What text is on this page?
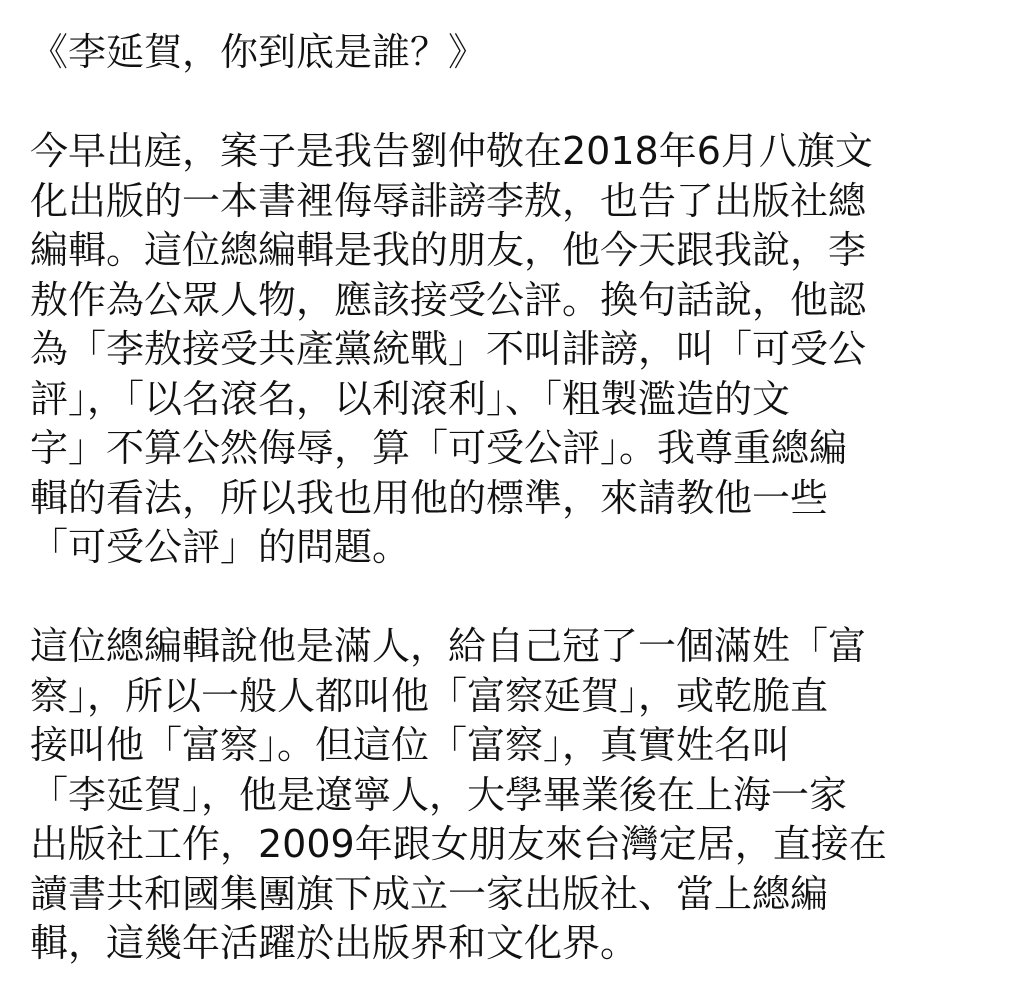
《李延賀，你到底是誰？》

今早出庭，案子是我告劉仲敬在2018年6月八旗文
化出版的一本書裡侮辱誹謗李敖，也告了出版社總
編輯。這位總編輯是我的朋友，他今天跟我說，李
敖作為公眾人物，應該接受公評。換句話說，他認
為「李敖接受共產黨統戰」不叫誹謗，叫「可受公
評」，「以名滾名，以利滾利」、「粗製濫造的文
字」不算公然侮辱，算「可受公評」。我尊重總編
輯的看法，所以我也用他的標準，來請教他一些
「可受公評」的問題。

這位總編輯說他是滿人，給自己冠了一個滿姓「富
察」，所以一般人都叫他「富察延賀」，或乾脆直
接叫他「富察」。但這位「富察」，真實姓名叫
「李延賀」，他是遼寧人，大學畢業後在上海一家
出版社工作，2009年跟女朋友來台灣定居，直接在
讀書共和國集團旗下成立一家出版社、當上總編
輯，這幾年活躍於出版界和文化界。
